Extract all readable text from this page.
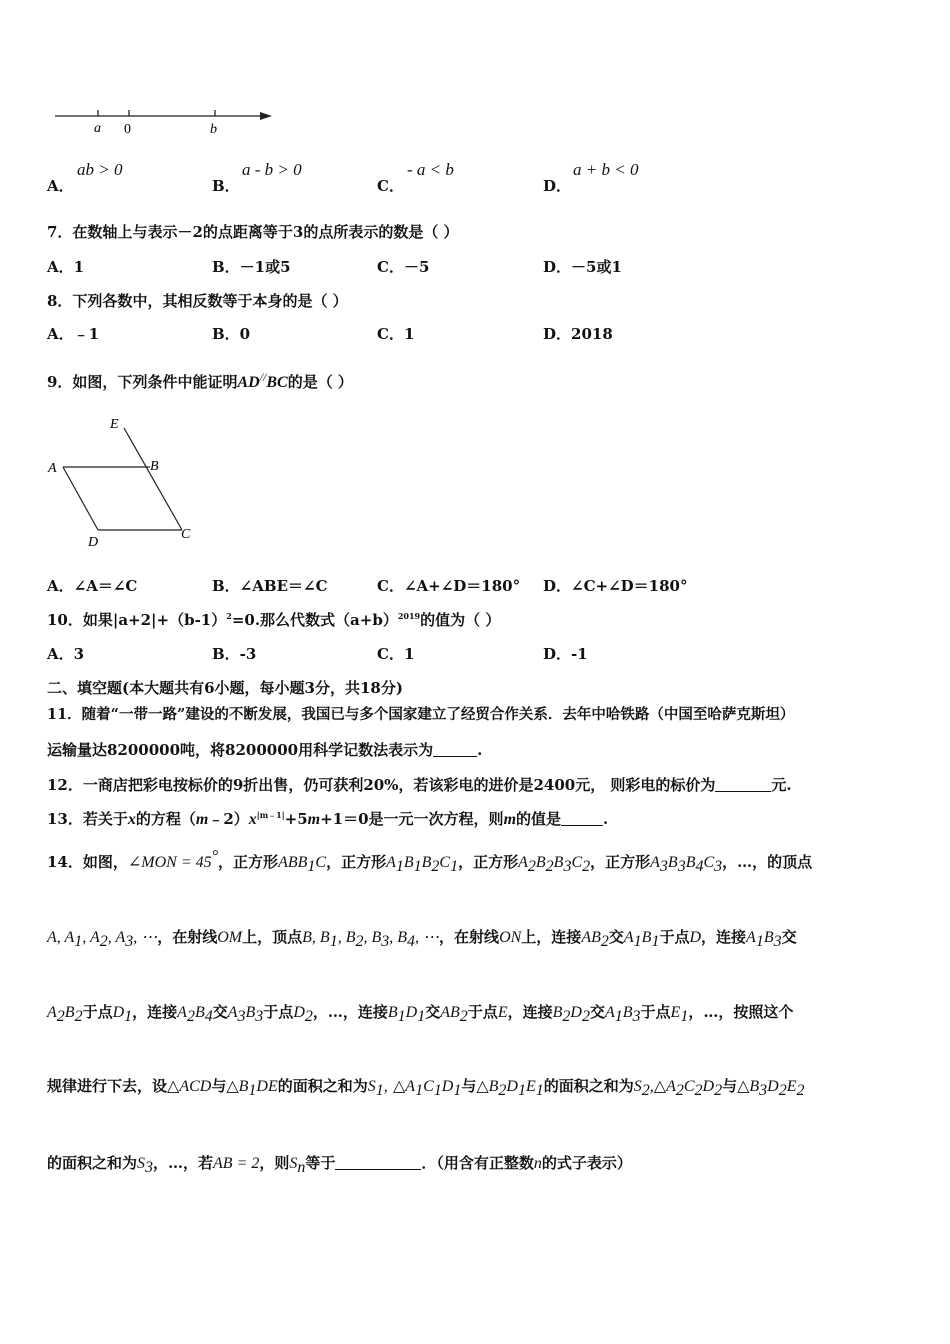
a 0	b
A．
ab > 0
B．
a - b > 0
C．
- a < b
D．
a + b < 0
7．在数轴上与表示－2的点距离等于3的点所表示的数是（ ）
A．1	B．－1或5	C．－5	D．－5或1
8．下列各数中，其相反数等于本身的是（ ）
A．﹣1	B．0	C．1	D．2018
9．如图，下列条件中能证明AD//BC的是（ ）
E
A	B
D
C
A．∠A＝∠C	B．∠ABE＝∠C	C．∠A+∠D＝180° D．∠C+∠D＝180°
10．如果$|a+2|+(b-1)^2=0$.那么代数式$(a+b)^{2019}$的值为（ ）
A．3	B．-3	C．1	D．-1
二、填空题(本大题共有6小题，每小题3分，共18分)
11．随着“一带一路”建设的不断发展，我国已与多个国家建立了经贸合作关系．去年中哈铁路（中国至哈萨克斯坦）
运输量达8200000吨，将8200000用科学记数法表示为	.
12．一商店把彩电按标价的9折出售，仍可获利20%，若该彩电的进价是2400元， 则彩电的标价为	元.
13．若关于x的方程$(m﹣2)x^{|m﹣1|}+5m+1=0$是一元一次方程，则m的值是	.
14．如图，∠MON = 45°，正方形$ABB_1C$，正方形$A_1B_1B_2C_1$，正方形$A_2B_2B_3C_2$，正方形$A_3B_3B_4C_3$，…，的顶点
A, $A_1$, $A_2$, $A_3$, ⋯，在射线OM上，顶点B, $B_1$, $B_2$, $B_3$, $B_4$, ⋯，在射线ON上，连接$AB_2$交$A_1B_1$于点D，连接$A_1B_3$交
$A_2B_2$于点$D_1$，连接$A_2B_4$交$A_3B_3$于点$D_2$，…，连接$B_1D_1$交$AB_2$于点E，连接$B_2D_2$交$A_1B_3$于点$E_1$，…，按照这个
规律进行下去，设△ACD与$\triangle B_1DE$的面积之和为$S_1$, $\triangle A_1C_1D_1$与$\triangle B_2D_1E_1$的面积之和为$S_2,\triangle A_2C_2D_2$与$\triangle B_3D_2E_2$
的面积之和为$S_3$，…，若AB = 2，则$S_n$等于	．（用含有正整数n的式子表示）
